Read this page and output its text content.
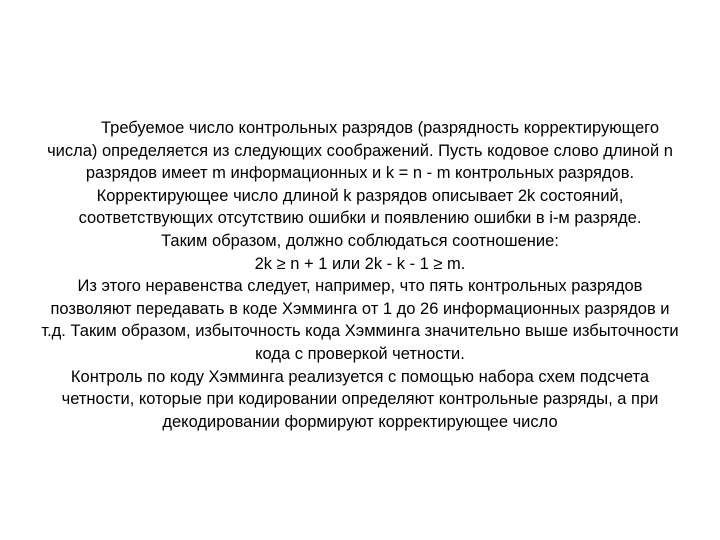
Требуемое число контрольных разрядов (разрядность корректирующего
числа) определяется из следующих соображений. Пусть кодовое слово длиной n
разрядов имеет m информационных и k = n - m контрольных разрядов.
Корректирующее число длиной k разрядов описывает 2k состояний,
соответствующих отсутствию ошибки и появлению ошибки в i-м разряде.
Таким образом, должно соблюдаться соотношение:
2k ≥ n + 1 или 2k - k - 1 ≥ m.
Из этого неравенства следует, например, что пять контрольных разрядов
позволяют передавать в коде Хэмминга от 1 до 26 информационных разрядов и
т.д. Таким образом, избыточность кода Хэмминга значительно выше избыточности
кода с проверкой четности.
Контроль по коду Хэмминга реализуется с помощью набора схем подсчета
четности, которые при кодировании определяют контрольные разряды, а при
декодировании формируют корректирующее число
